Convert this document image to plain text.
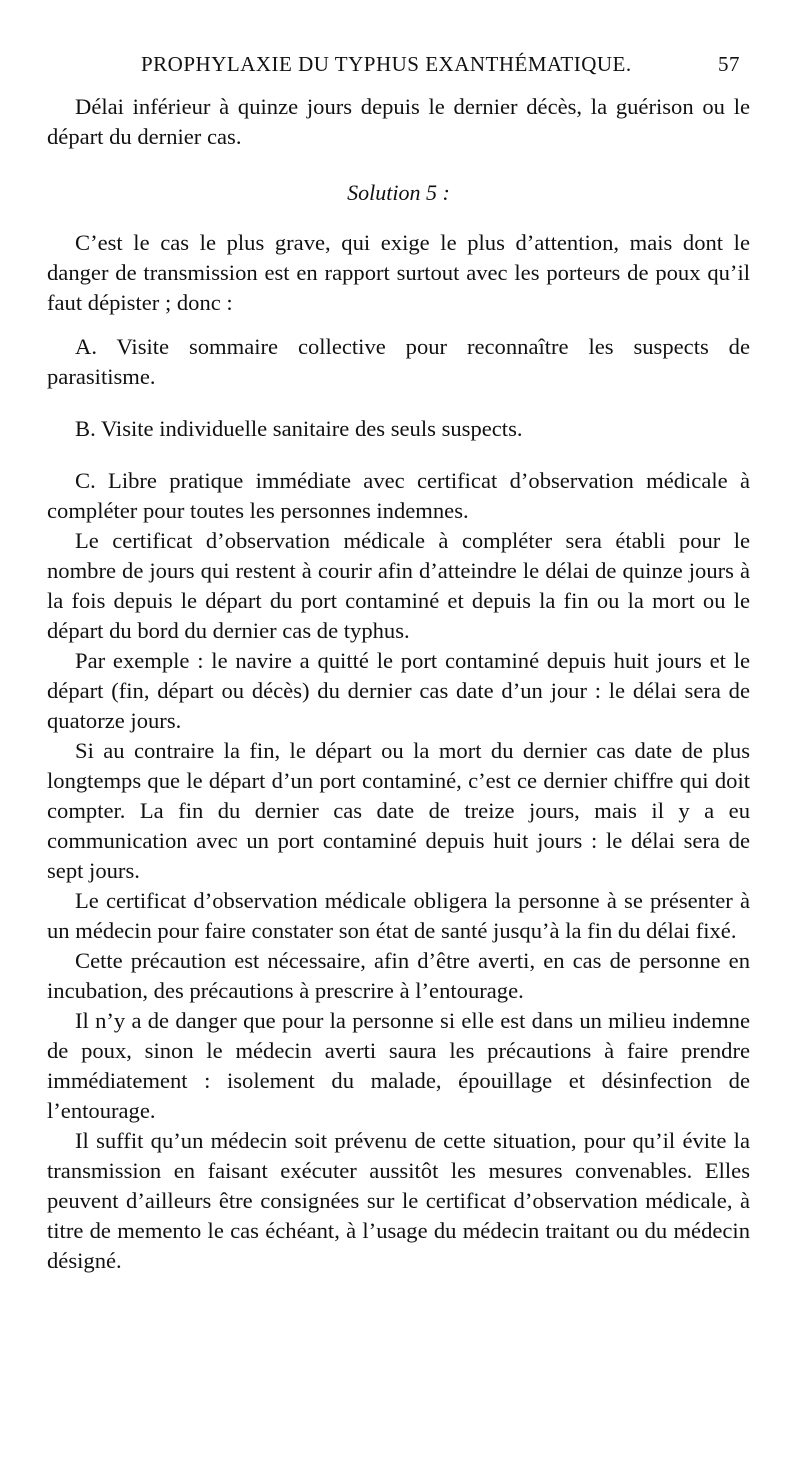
PROPHYLAXIE DU TYPHUS EXANTHÉMATIQUE.	57

Délai inférieur à quinze jours depuis le dernier décès, la guérison ou le départ du dernier cas.

Solution 5 :

C’est le cas le plus grave, qui exige le plus d’attention, mais dont le danger de transmission est en rapport surtout avec les porteurs de poux qu’il faut dépister ; donc :

A. Visite sommaire collective pour reconnaître les suspects de parasitisme.

B. Visite individuelle sanitaire des seuls suspects.

C. Libre pratique immédiate avec certificat d’observation médicale à compléter pour toutes les personnes indemnes.

Le certificat d’observation médicale à compléter sera établi pour le nombre de jours qui restent à courir afin d’atteindre le délai de quinze jours à la fois depuis le départ du port contaminé et depuis la fin ou la mort ou le départ du bord du dernier cas de typhus.

Par exemple : le navire a quitté le port contaminé depuis huit jours et le départ (fin, départ ou décès) du dernier cas date d’un jour : le délai sera de quatorze jours.

Si au contraire la fin, le départ ou la mort du dernier cas date de plus longtemps que le départ d’un port contaminé, c’est ce dernier chiffre qui doit compter. La fin du dernier cas date de treize jours, mais il y a eu communication avec un port contaminé depuis huit jours : le délai sera de sept jours.

Le certificat d’observation médicale obligera la personne à se présenter à un médecin pour faire constater son état de santé jusqu’à la fin du délai fixé.

Cette précaution est nécessaire, afin d’être averti, en cas de personne en incubation, des précautions à prescrire à l’entourage.

Il n’y a de danger que pour la personne si elle est dans un milieu indemne de poux, sinon le médecin averti saura les précautions à faire prendre immédiatement : isolement du malade, épouillage et désinfection de l’entourage.

Il suffit qu’un médecin soit prévenu de cette situation, pour qu’il évite la transmission en faisant exécuter aussitôt les mesures convenables. Elles peuvent d’ailleurs être consignées sur le certificat d’observation médicale, à titre de memento le cas échéant, à l’usage du médecin traitant ou du médecin désigné.
